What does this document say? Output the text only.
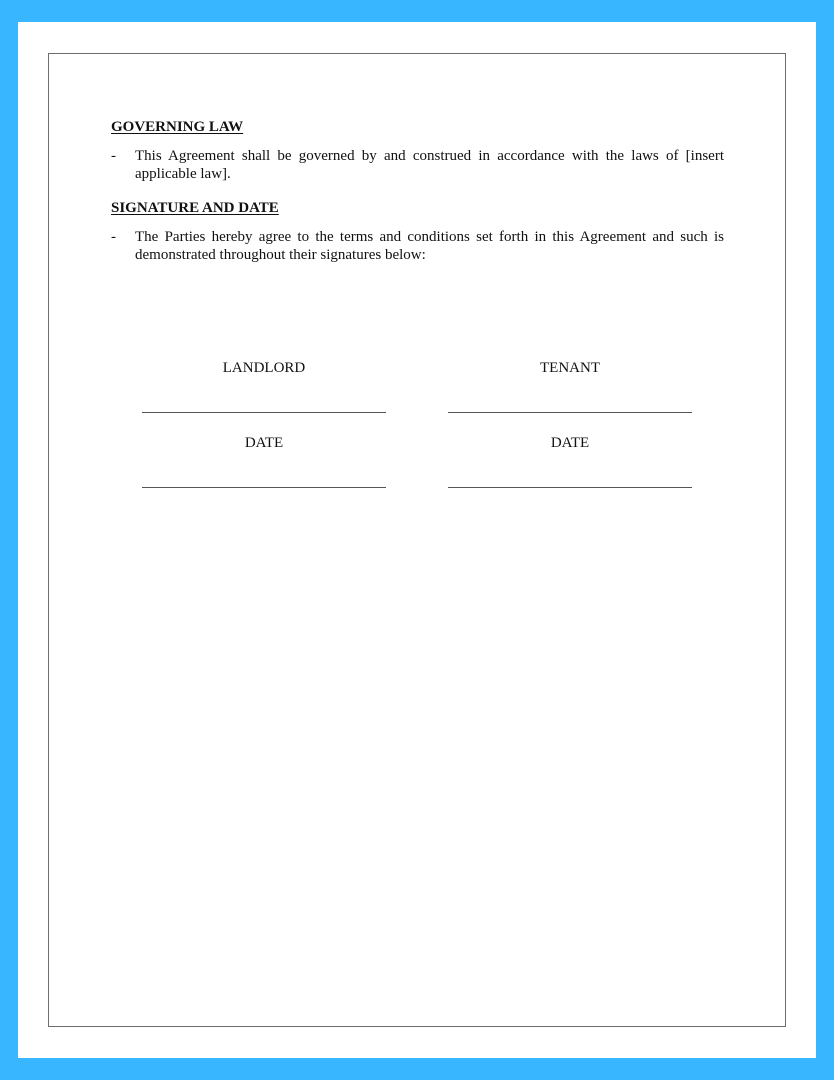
GOVERNING LAW
-	This Agreement shall be governed by and construed in accordance with the laws of [insert applicable law].
SIGNATURE AND DATE
-	The Parties hereby agree to the terms and conditions set forth in this Agreement and such is demonstrated throughout their signatures below:
LANDLORD
DATE
TENANT
DATE
